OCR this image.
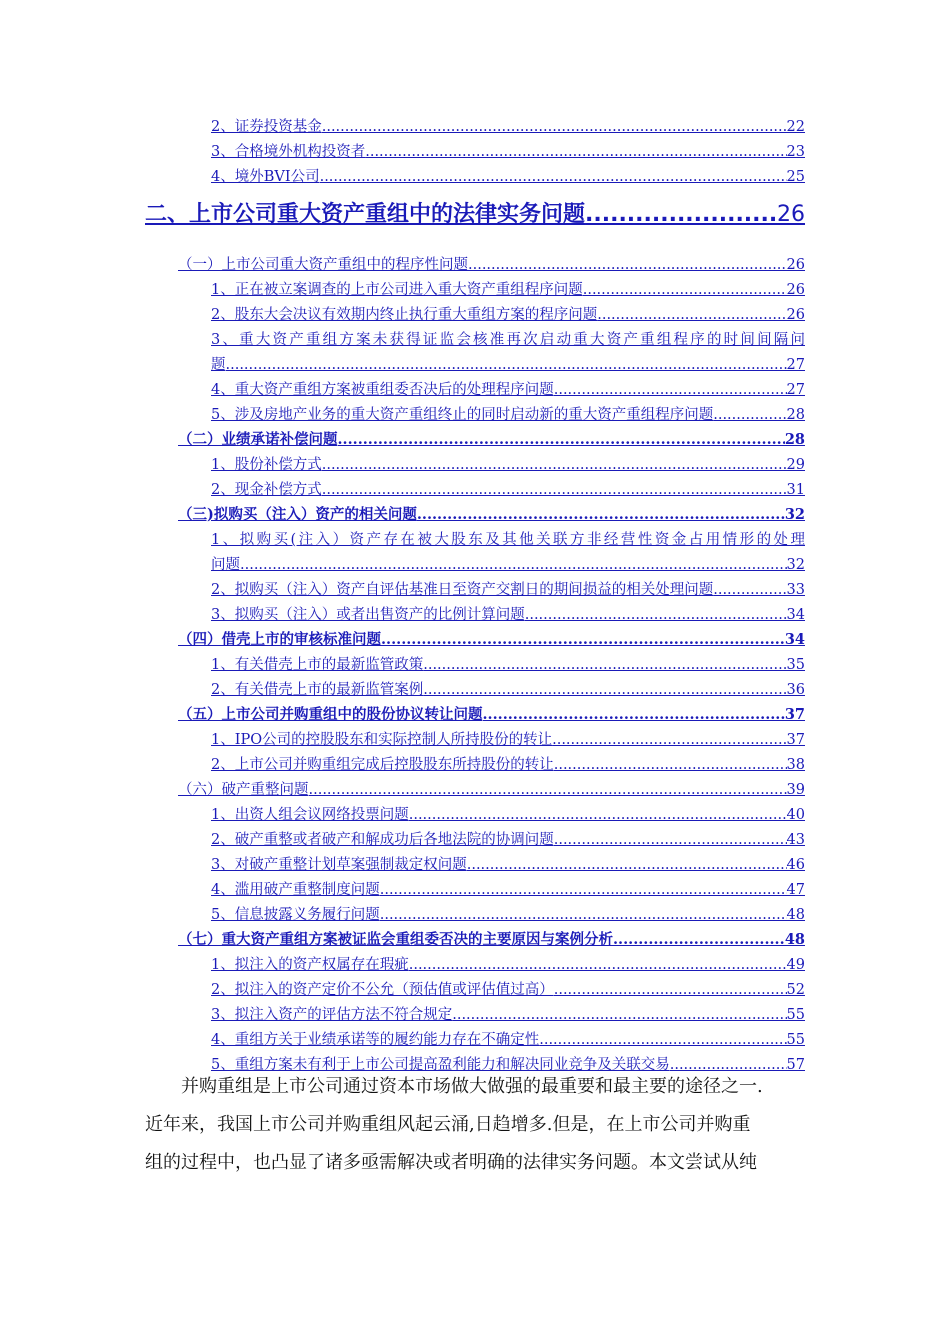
2、证券投资基金 .....	22
3、合格境外机构投资者 .....	23
4、境外BVI公司 .....	25
二、上市公司重大资产重组中的法律实务问题 .....	26
（一）上市公司重大资产重组中的程序性问题 .....	26
1、正在被立案调查的上市公司进入重大资产重组程序问题 .....	26
2、股东大会决议有效期内终止执行重大重组方案的程序问题 .....	26
3、重大资产重组方案未获得证监会核准再次启动重大资产重组程序的时间间隔问
题 .....	27
4、重大资产重组方案被重组委否决后的处理程序问题 .....	27
5、涉及房地产业务的重大资产重组终止的同时启动新的重大资产重组程序问题 .....	28
（二）业绩承诺补偿问题 .....	28
1、股份补偿方式 .....	29
2、现金补偿方式 .....	31
（三)拟购买（注入）资产的相关问题 .....	32
1、拟购买(注入）资产存在被大股东及其他关联方非经营性资金占用情形的处理
问题 .....	32
2、拟购买（注入）资产自评估基准日至资产交割日的期间损益的相关处理问题 .....	33
3、拟购买（注入）或者出售资产的比例计算问题 .....	34
（四）借壳上市的审核标准问题 .....	34
1、有关借壳上市的最新监管政策 .....	35
2、有关借壳上市的最新监管案例 .....	36
（五）上市公司并购重组中的股份协议转让问题 .....	37
1、IPO公司的控股股东和实际控制人所持股份的转让 .....	37
2、上市公司并购重组完成后控股股东所持股份的转让 .....	38
（六）破产重整问题 .....	39
1、出资人组会议网络投票问题 .....	40
2、破产重整或者破产和解成功后各地法院的协调问题 .....	43
3、对破产重整计划草案强制裁定权问题 .....	46
4、滥用破产重整制度问题 .....	47
5、信息披露义务履行问题 .....	48
（七）重大资产重组方案被证监会重组委否决的主要原因与案例分析 .....	48
1、拟注入的资产权属存在瑕疵 .....	49
2、拟注入的资产定价不公允（预估值或评估值过高） .....	52
3、拟注入资产的评估方法不符合规定 .....	55
4、重组方关于业绩承诺等的履约能力存在不确定性 .....	55
5、重组方案未有利于上市公司提高盈利能力和解决同业竞争及关联交易 .....	57
并购重组是上市公司通过资本市场做大做强的最重要和最主要的途径之一.
近年来，我国上市公司并购重组风起云涌,日趋增多.但是，在上市公司并购重
组的过程中，也凸显了诸多亟需解决或者明确的法律实务问题。本文尝试从纯
